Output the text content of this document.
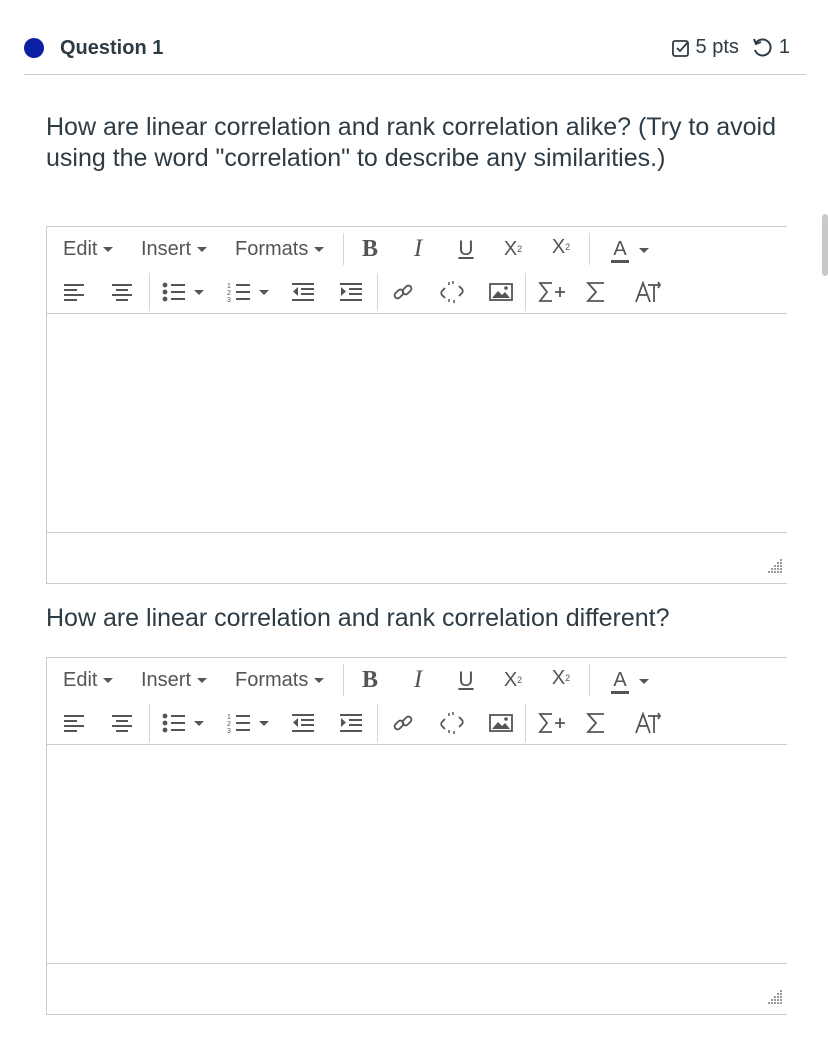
Question 1	5 pts 1
How are linear correlation and rank correlation alike? (Try to avoid using the word "correlation" to describe any similarities.)
Edit Insert Formats B	I	U X 2 X 2 A
1
2
3
How are linear correlation and rank correlation different?
Edit Insert Formats B	I	U X 2 X 2 A
1
2
3
